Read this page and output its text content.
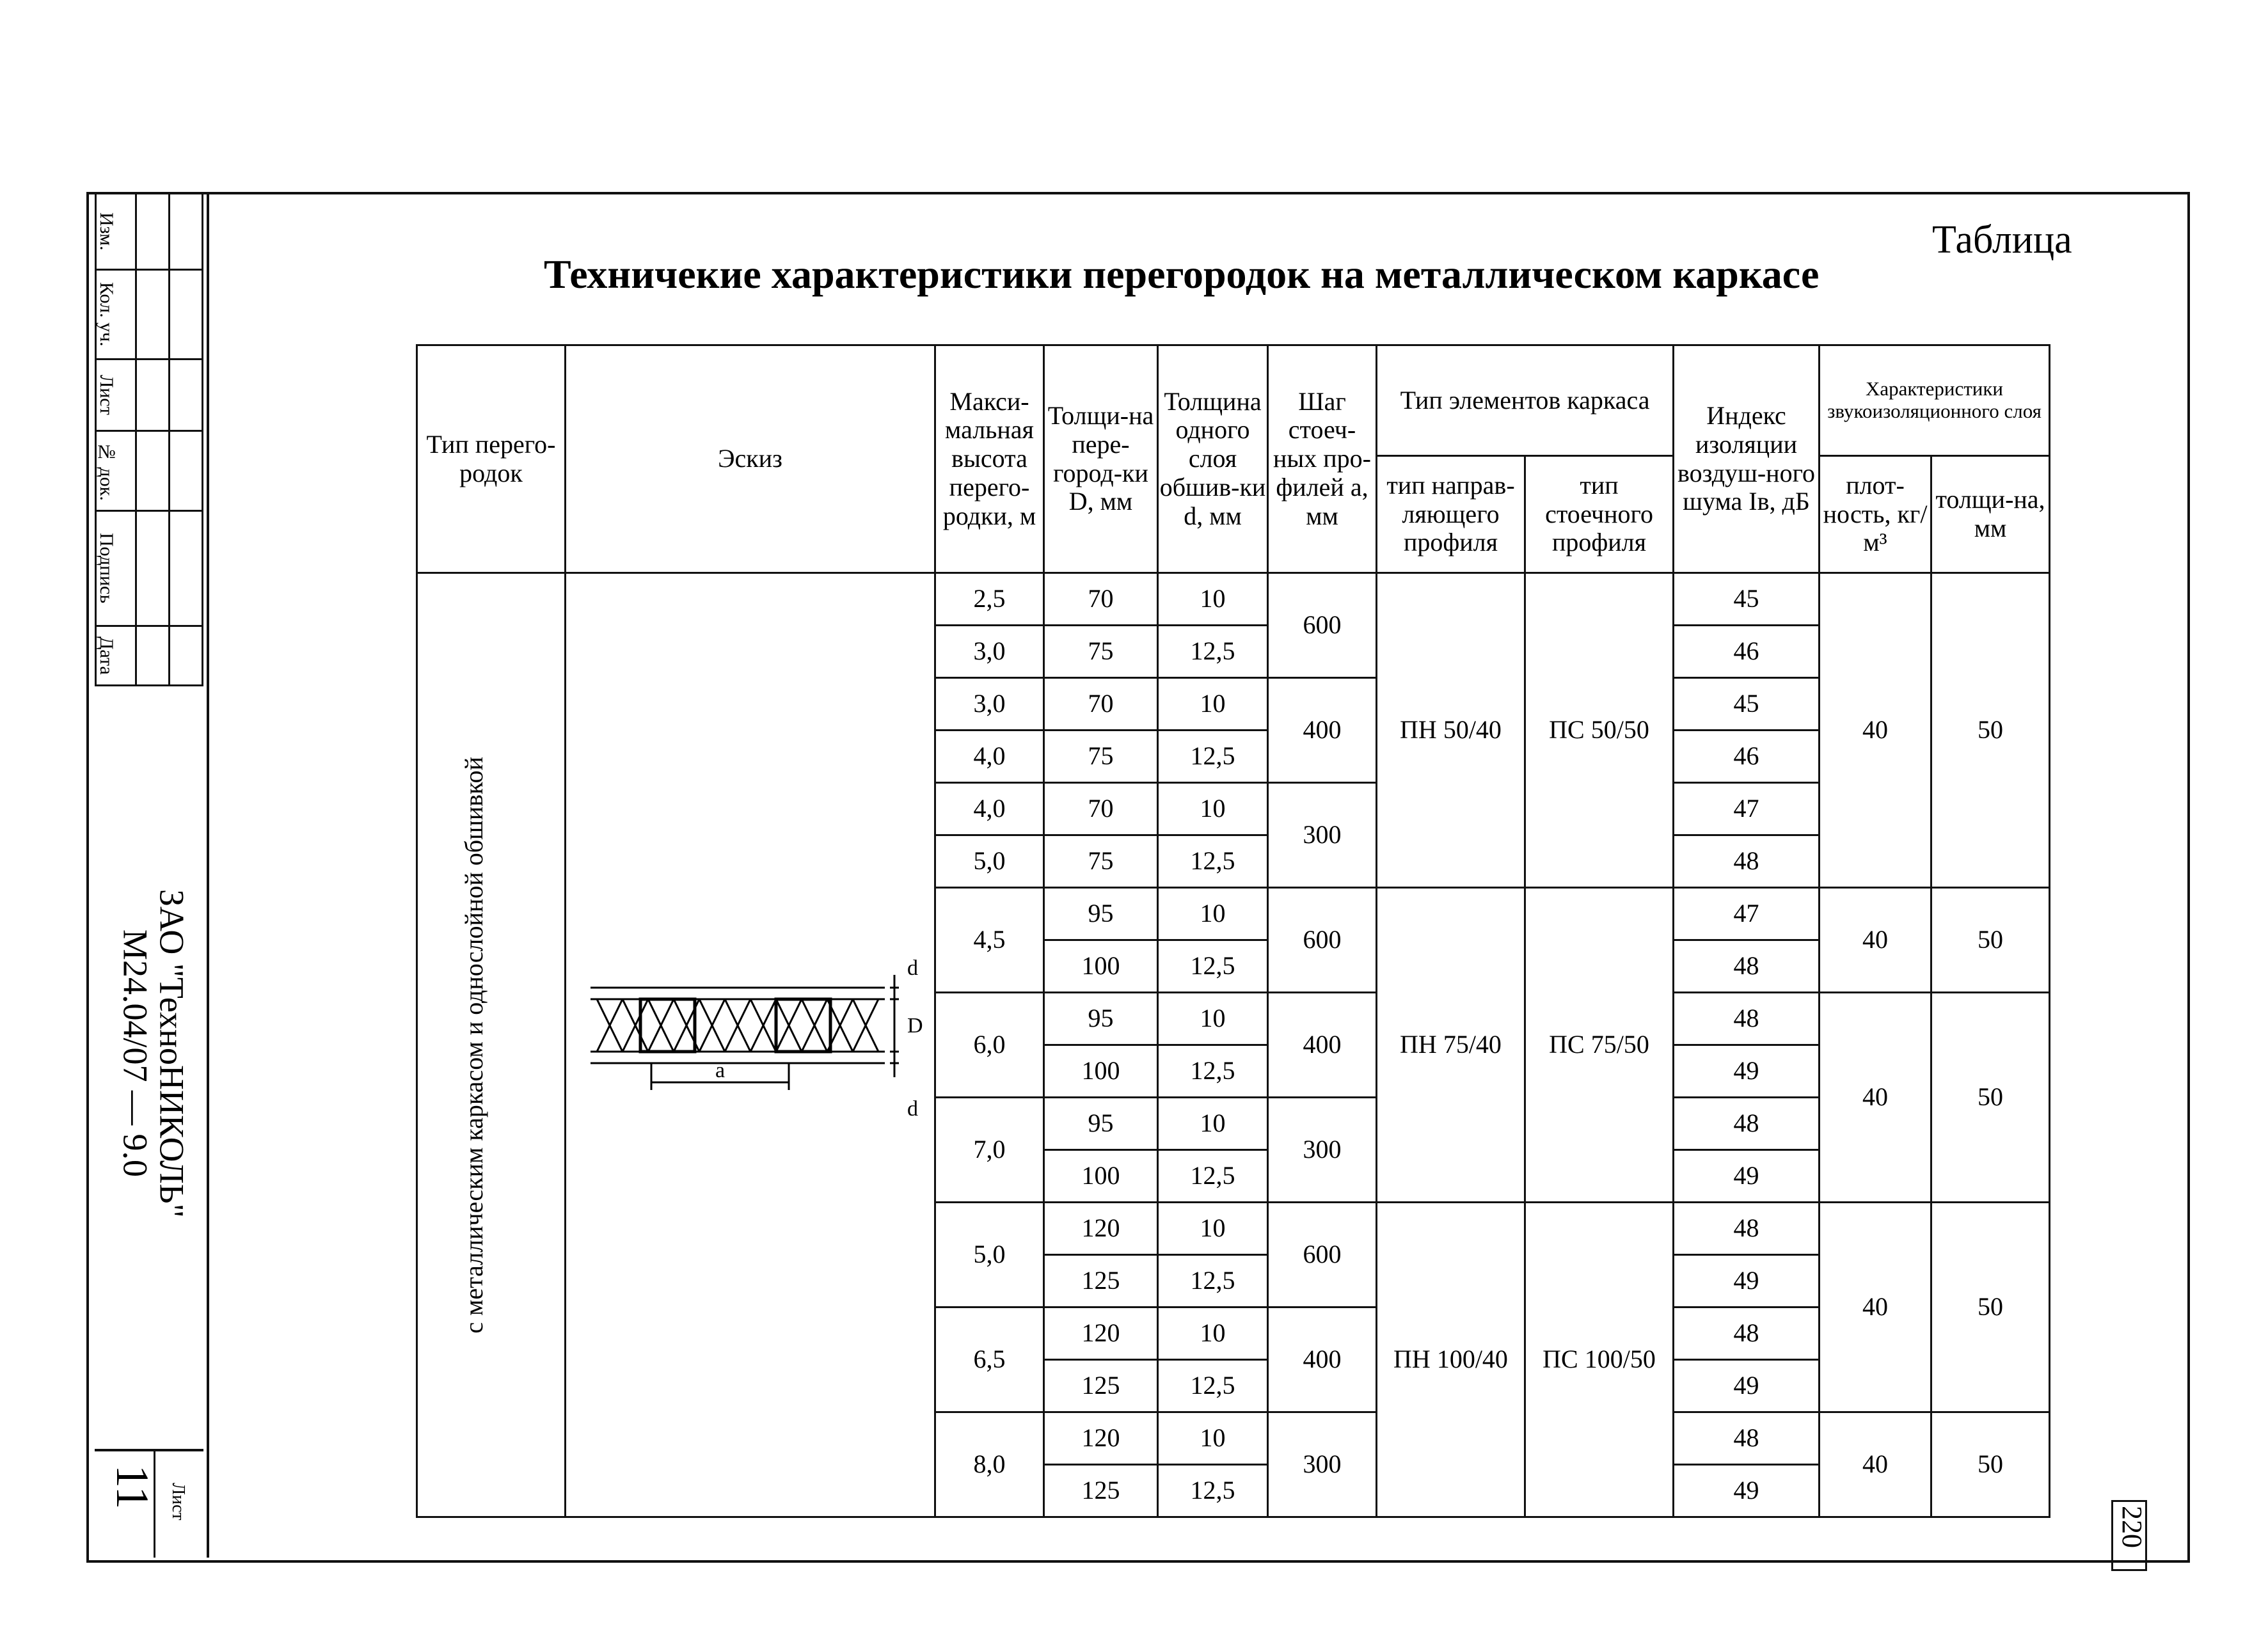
Изм.		

Кол. уч.		

Лист		

№ док.		

Подпись		

Дата		

ЗАО "ТехноНИКОЛЬ"
М24.04/07 — 9.0
11 Лист
220
Таблица
Техничекие характеристики перегородок на металлическом каркасе
Тип перего-родок	Эскиз	Макси-мальная высота перего-родки, м	Толщи-на пере-город-ки D, мм	Толщина одного слоя обшив-ки d, мм	Шаг стоеч-ных про-филей а, мм	Тип элементов каркаса		Индекс изоляции воздуш-ного шума Iв, дБ	Характеристики звукоизоляционного слоя	
						тип направ-ляющего профиля	тип стоечного профиля		плот-ность, кг/м³	толщи-на, мм

с металлическим каркасом и однослойной обшивкой	a
d
D
d	2,5	70	10	600	ПН 50/40	ПС 50/50	45	40	50
		3,0	75	12,5				46		
		3,0	70	10	400			45		
		4,0	75	12,5				46		
		4,0	70	10	300			47		
		5,0	75	12,5				48		
		4,5	95	10	600	ПН 75/40	ПС 75/50	47	40	50
			100	12,5				48		
		6,0	95	10	400			48	40	50
			100	12,5				49		
		7,0	95	10	300			48		
			100	12,5				49		
		5,0	120	10	600	ПН 100/40	ПС 100/50	48	40	50
			125	12,5				49		
		6,5	120	10	400			48		
			125	12,5				49		
		8,0	120	10	300			48	40	50
			125	12,5				49		
